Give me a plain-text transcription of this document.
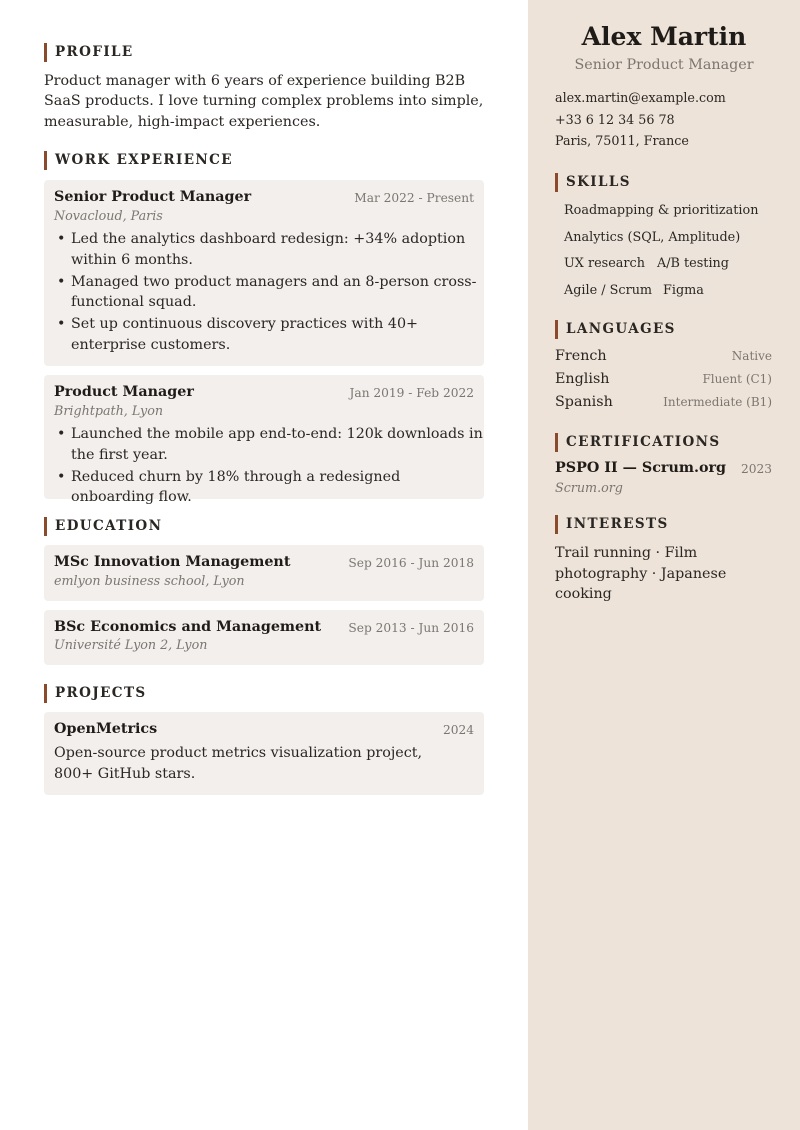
PROFILE

Product manager with 6 years of experience building B2B SaaS products. I love turning complex problems into simple, measurable, high-impact experiences.

WORK EXPERIENCE
Senior Product Manager	Mar 2022 - Present
Novacloud, Paris
• Led the analytics dashboard redesign: +34% adoption within 6 months.
• Managed two product managers and an 8-person cross-functional squad.
• Set up continuous discovery practices with 40+ enterprise customers.
Product Manager	Jan 2019 - Feb 2022
Brightpath, Lyon
• Launched the mobile app end-to-end: 120k downloads in the first year.
• Reduced churn by 18% through a redesigned onboarding flow.
EDUCATION
MSc Innovation Management	Sep 2016 - Jun 2018
emlyon business school, Lyon
BSc Economics and Management Sep 2013 - Jun 2016
Université Lyon 2, Lyon
PROJECTS
OpenMetrics	2024

Open-source product metrics visualization project, 800+ GitHub stars.

Alex Martin
Senior Product Manager
alex.martin@example.com
+33 6 12 34 56 78
Paris, 75011, France
SKILLS
Roadmapping & prioritization
Analytics (SQL, Amplitude)
UX research A/B testing
Agile / Scrum Figma
LANGUAGES
French	Native
English	Fluent (C1)
Spanish	Intermediate (B1)
CERTIFICATIONS
PSPO II — Scrum.org 2023
Scrum.org
INTERESTS

Trail running · Film photography · Japanese cooking
